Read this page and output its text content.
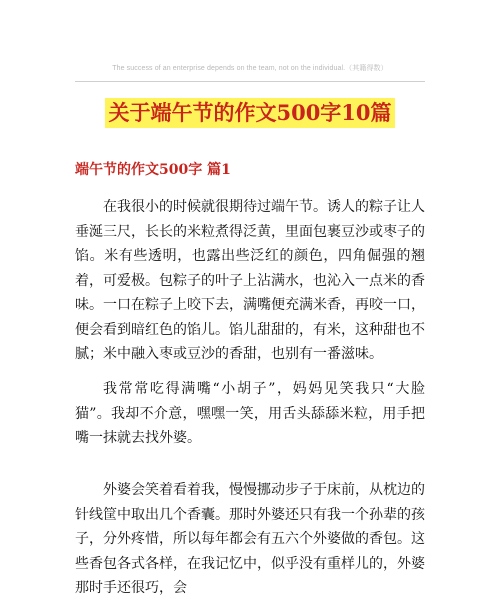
The success of an enterprise depends on the team, not on the individual.（其籍得数）
关于端午节的作文500字10篇
端午节的作文500字 篇1

在我很小的时候就很期待过端午节。诱人的粽子让人垂涎三尺，长长的米粒煮得泛黄，里面包裹豆沙或枣子的馅。米有些透明，也露出些泛红的颜色，四角倔强的翘着，可爱极。包粽子的叶子上沾满水，也沁入一点米的香味。一口在粽子上咬下去，满嘴便充满米香，再咬一口，便会看到暗红色的馅儿。馅儿甜甜的，有米，这种甜也不腻；米中融入枣或豆沙的香甜，也别有一番滋味。

我常常吃得满嘴“小胡子”，妈妈见笑我只“大脸猫”。我却不介意，嘿嘿一笑，用舌头舔舔米粒，用手把嘴一抹就去找外婆。

外婆会笑着看着我，慢慢挪动步子于床前，从枕边的针线筐中取出几个香囊。那时外婆还只有我一个孙辈的孩子，分外疼惜，所以每年都会有五六个外婆做的香包。这些香包各式各样，在我记忆中，似乎没有重样儿的，外婆那时手还很巧，会
